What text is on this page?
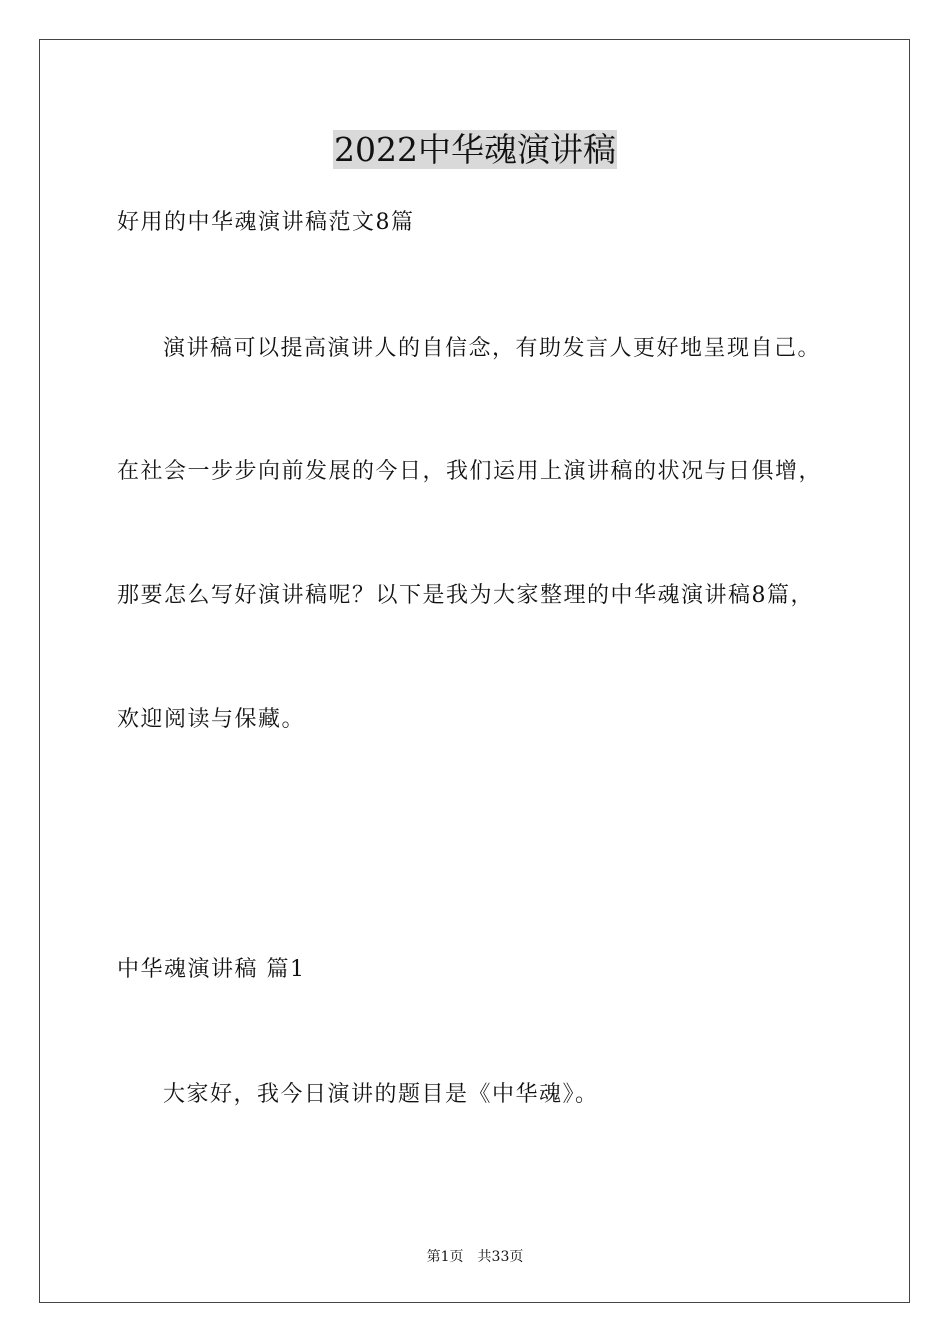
2022中华魂演讲稿
好用的中华魂演讲稿范文8篇
演讲稿可以提高演讲人的自信念，有助发言人更好地呈现自己。
在社会一步步向前发展的今日，我们运用上演讲稿的状况与日俱增，
那要怎么写好演讲稿呢？以下是我为大家整理的中华魂演讲稿8篇，
欢迎阅读与保藏。
中华魂演讲稿 篇1
大家好，我今日演讲的题目是《中华魂》。
第1页　共33页
